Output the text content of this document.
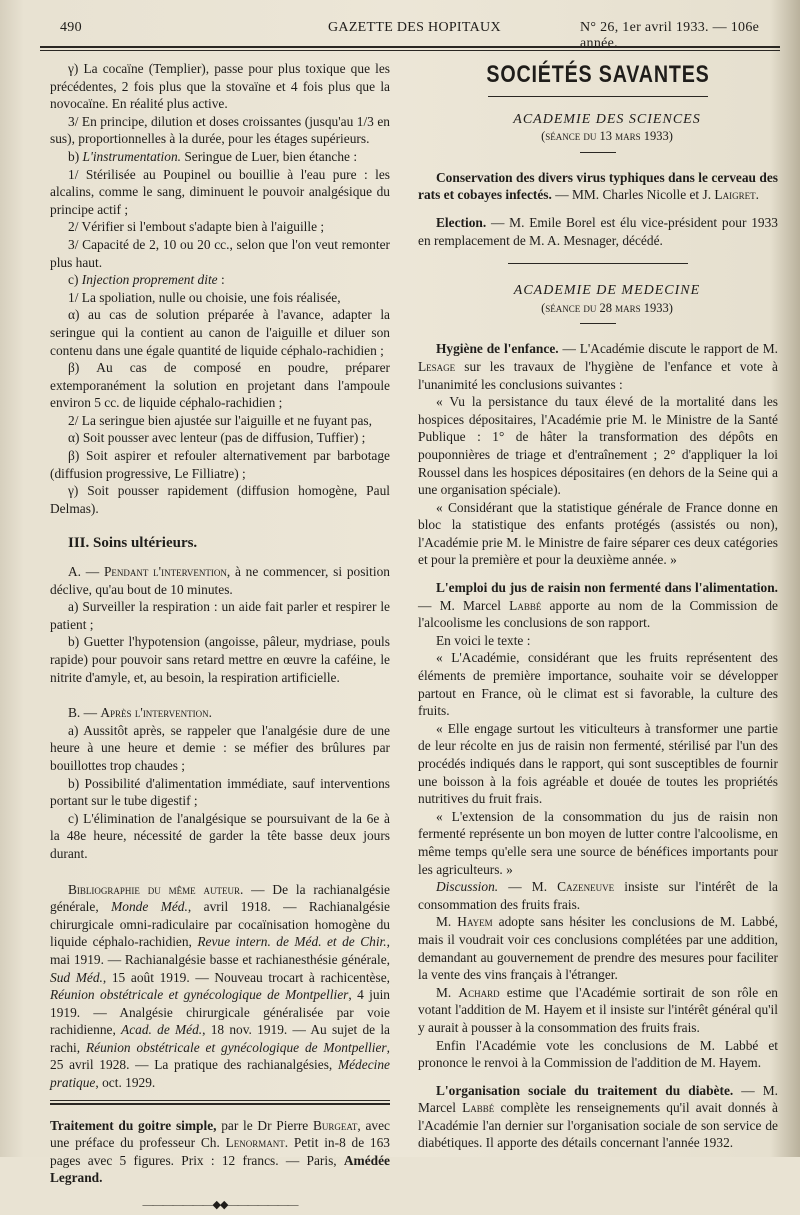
490	GAZETTE DES HOPITAUX	N° 26, 1er avril 1933. — 106e année.

γ) La cocaïne (Templier), passe pour plus toxique que les précédentes, 2 fois plus que la stovaïne et 4 fois plus que la novocaïne. En réalité plus active.

3/ En principe, dilution et doses croissantes (jusqu'au 1/3 en sus), proportionnelles à la durée, pour les étages supérieurs.

b) L'instrumentation. Seringue de Luer, bien étanche :

1/ Stérilisée au Poupinel ou bouillie à l'eau pure : les alcalins, comme le sang, diminuent le pouvoir analgésique du principe actif ;

2/ Vérifier si l'embout s'adapte bien à l'aiguille ;

3/ Capacité de 2, 10 ou 20 cc., selon que l'on veut remonter plus haut.

c) Injection proprement dite :

1/ La spoliation, nulle ou choisie, une fois réalisée,

α) au cas de solution préparée à l'avance, adapter la seringue qui la contient au canon de l'aiguille et diluer son contenu dans une égale quantité de liquide céphalo-rachidien ;

β) Au cas de composé en poudre, préparer extemporanément la solution en projetant dans l'ampoule environ 5 cc. de liquide céphalo-rachidien ;

2/ La seringue bien ajustée sur l'aiguille et ne fuyant pas,

α) Soit pousser avec lenteur (pas de diffusion, Tuffier) ;

β) Soit aspirer et refouler alternativement par barbotage (diffusion progressive, Le Filliatre) ;

γ) Soit pousser rapidement (diffusion homogène, Paul Delmas).

III. Soins ultérieurs.

A. — Pendant l'intervention, à ne commencer, si position déclive, qu'au bout de 10 minutes.

a) Surveiller la respiration : un aide fait parler et respirer le patient ;

b) Guetter l'hypotension (angoisse, pâleur, mydriase, pouls rapide) pour pouvoir sans retard mettre en œuvre la caféine, le nitrite d'amyle, et, au besoin, la respiration artificielle.

B. — Après l'intervention.

a) Aussitôt après, se rappeler que l'analgésie dure de une heure à une heure et demie : se méfier des brûlures par bouillottes trop chaudes ;

b) Possibilité d'alimentation immédiate, sauf interventions portant sur le tube digestif ;

c) L'élimination de l'analgésique se poursuivant de la 6e à la 48e heure, nécessité de garder la tête basse deux jours durant.

Bibliographie du même auteur. — De la rachianalgésie générale, Monde Méd., avril 1918. — Rachianalgésie chirurgicale omni-radiculaire par cocaïnisation homogène du liquide céphalo-rachidien, Revue intern. de Méd. et de Chir., mai 1919. — Rachianalgésie basse et rachianesthésie générale, Sud Méd., 15 août 1919. — Nouveau trocart à rachicentèse, Réunion obstétricale et gynécologique de Montpellier, 4 juin 1919. — Analgésie chirurgicale généralisée par voie rachidienne, Acad. de Méd., 18 nov. 1919. — Au sujet de la rachi, Réunion obstétricale et gynécologique de Montpellier, 25 avril 1928. — La pratique des rachianalgésies, Médecine pratique, oct. 1929.

Traitement du goitre simple, par le Dr Pierre Burgeat, avec une préface du professeur Ch. Lenormant. Petit in-8 de 163 pages avec 5 figures. Prix : 12 francs. — Paris, Amédée Legrand.

———————◆◆———————
SOCIÉTÉS SAVANTES

ACADEMIE DES SCIENCES

(séance du 13 mars 1933)

Conservation des divers virus typhiques dans le cerveau des rats et cobayes infectés. — MM. Charles Nicolle et J. Laigret.

Election. — M. Emile Borel est élu vice-président pour 1933 en remplacement de M. A. Mesnager, décédé.

ACADEMIE DE MEDECINE

(séance du 28 mars 1933)

Hygiène de l'enfance. — L'Académie discute le rapport de M. Lesage sur les travaux de l'hygiène de l'enfance et vote à l'unanimité les conclusions suivantes :

« Vu la persistance du taux élevé de la mortalité dans les hospices dépositaires, l'Académie prie M. le Ministre de la Santé Publique : 1° de hâter la transformation des dépôts en pouponnières de triage et d'entraînement ; 2° d'appliquer la loi Roussel dans les hospices dépositaires (en dehors de la Seine qui a une organisation spéciale).

« Considérant que la statistique générale de France donne en bloc la statistique des enfants protégés (assistés ou non), l'Académie prie M. le Ministre de faire séparer ces deux catégories et pour la première et pour la deuxième année. »

L'emploi du jus de raisin non fermenté dans l'alimentation. — M. Marcel Labbé apporte au nom de la Commission de l'alcoolisme les conclusions de son rapport.

En voici le texte :

« L'Académie, considérant que les fruits représentent des éléments de première importance, souhaite voir se développer partout en France, où le climat est si favorable, la culture des fruits.

« Elle engage surtout les viticulteurs à transformer une partie de leur récolte en jus de raisin non fermenté, stérilisé par l'un des procédés indiqués dans le rapport, qui sont susceptibles de fournir une boisson à la fois agréable et douée de toutes les propriétés nutritives du fruit frais.

« L'extension de la consommation du jus de raisin non fermenté représente un bon moyen de lutter contre l'alcoolisme, en même temps qu'elle sera une source de bénéfices importants pour les agriculteurs. »

Discussion. — M. Cazeneuve insiste sur l'intérêt de la consommation des fruits frais.

M. Hayem adopte sans hésiter les conclusions de M. Labbé, mais il voudrait voir ces conclusions complétées par une addition, demandant au gouvernement de prendre des mesures pour faciliter la vente des vins français à l'étranger.

M. Achard estime que l'Académie sortirait de son rôle en votant l'addition de M. Hayem et il insiste sur l'intérêt général qu'il y aurait à pousser à la consommation des fruits frais.

Enfin l'Académie vote les conclusions de M. Labbé et prononce le renvoi à la Commission de l'addition de M. Hayem.

L'organisation sociale du traitement du diabète. — M. Marcel Labbé complète les renseignements qu'il avait donnés à l'Académie l'an dernier sur l'organisation sociale de son service de diabétiques. Il apporte des détails concernant l'année 1932.
